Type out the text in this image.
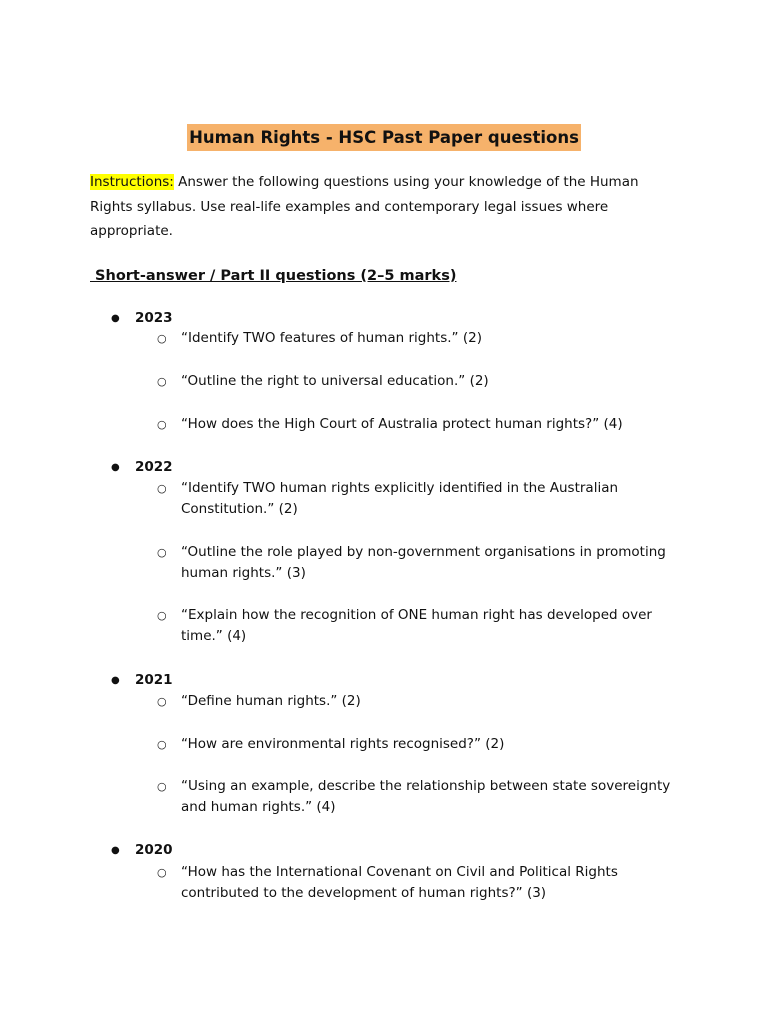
Human Rights - HSC Past Paper questions
Instructions: Answer the following questions using your knowledge of the Human Rights syllabus. Use real-life examples and contemporary legal issues where appropriate.
Short-answer / Part II questions (2–5 marks)
● 2023
○ “Identify TWO features of human rights.” (2)
○ “Outline the right to universal education.” (2)
○ “How does the High Court of Australia protect human rights?” (4)
● 2022
○ “Identify TWO human rights explicitly identified in the Australian Constitution.” (2)
○ “Outline the role played by non-government organisations in promoting human rights.” (3)
○ “Explain how the recognition of ONE human right has developed over time.” (4)
● 2021
○ “Define human rights.” (2)
○ “How are environmental rights recognised?” (2)
○ “Using an example, describe the relationship between state sovereignty and human rights.” (4)
● 2020
○ “How has the International Covenant on Civil and Political Rights contributed to the development of human rights?” (3)
